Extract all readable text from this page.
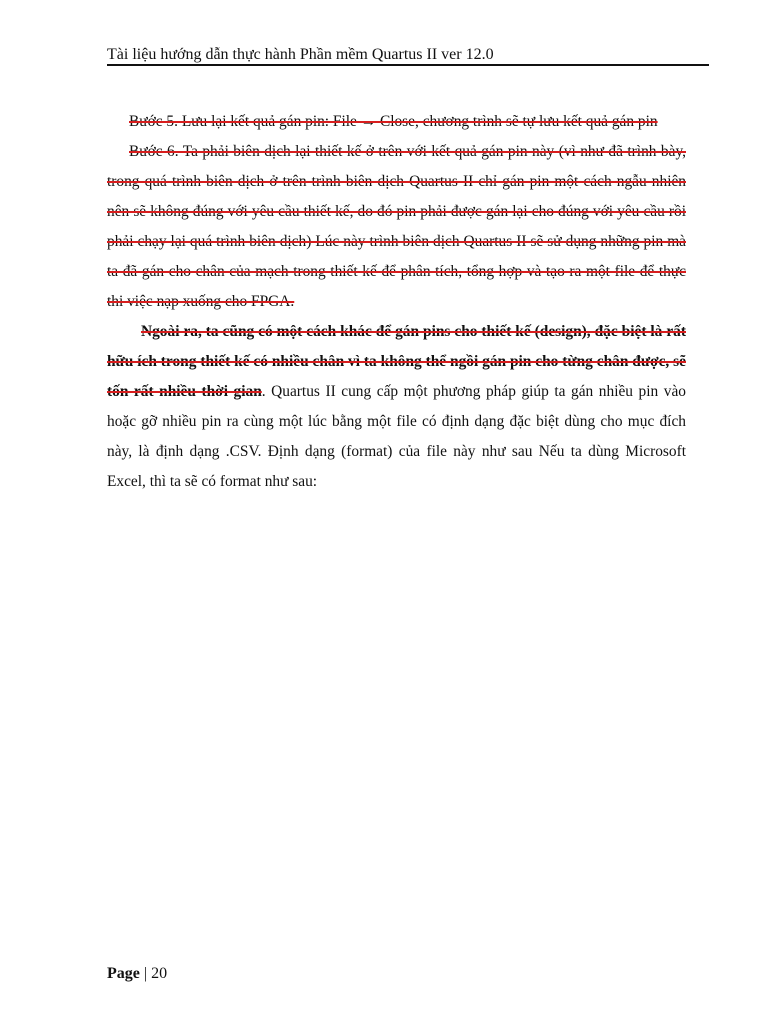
Tài liệu hướng dẫn thực hành Phần mềm Quartus II ver 12.0

Bước 5. Lưu lại kết quả gán pin: File → Close, chương trình sẽ tự lưu kết quả gán pin

Bước 6. Ta phải biên dịch lại thiết kế ở trên với kết quả gán pin này (vì như đã trình bày, trong quá trình biên dịch ở trên trình biên dịch Quartus II chỉ gán pin một cách ngẫu nhiên nên sẽ không đúng với yêu cầu thiết kế, do đó pin phải được gán lại cho đúng với yêu cầu rồi phải chạy lại quá trình biên dịch) Lúc này trình biên dịch Quartus II sẽ sử dụng những pin mà ta đã gán cho chân của mạch trong thiết kế để phân tích, tổng hợp và tạo ra một file để thực thi việc nạp xuống cho FPGA.

Ngoài ra, ta cũng có một cách khác để gán pins cho thiết kế (design), đặc biệt là rất hữu ích trong thiết kế có nhiều chân vì ta không thể ngồi gán pin cho từng chân được, sẽ tốn rất nhiều thời gian. Quartus II cung cấp một phương pháp giúp ta gán nhiều pin vào hoặc gỡ nhiều pin ra cùng một lúc bằng một file có định dạng đặc biệt dùng cho mục đích này, là định dạng .CSV. Định dạng (format) của file này như sau Nếu ta dùng Microsoft Excel, thì ta sẽ có format như sau:

Page | 20
